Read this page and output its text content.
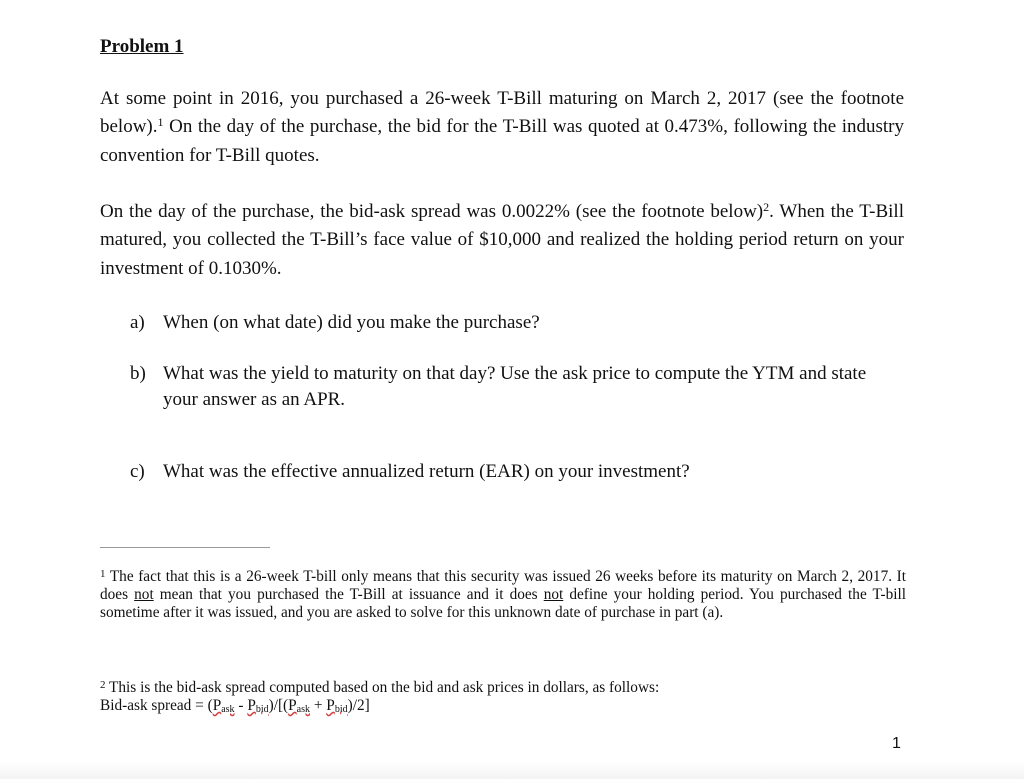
Problem 1
At some point in 2016, you purchased a 26-week T-Bill maturing on March 2, 2017 (see the footnote below).$^1$ On the day of the purchase, the bid for the T-Bill was quoted at 0.473%, following the industry convention for T-Bill quotes.
On the day of the purchase, the bid-ask spread was 0.0022% (see the footnote below)$^2$. When the T-Bill matured, you collected the T-Bill’s face value of $10,000 and realized the holding period return on your investment of 0.1030%.
a) When (on what date) did you make the purchase?
b) What was the yield to maturity on that day? Use the ask price to compute the YTM and state your answer as an APR.
c) What was the effective annualized return (EAR) on your investment?
$^1$ The fact that this is a 26-week T-bill only means that this security was issued 26 weeks before its maturity on March 2, 2017. It does not mean that you purchased the T-Bill at issuance and it does not define your holding period. You purchased the T-bill sometime after it was issued, and you are asked to solve for this unknown date of purchase in part (a).
$^2$ This is the bid-ask spread computed based on the bid and ask prices in dollars, as follows:
Bid-ask spread = $(P_{ask} - P_{bid})/[(P_{ask} + P_{bid})/2]$
1
